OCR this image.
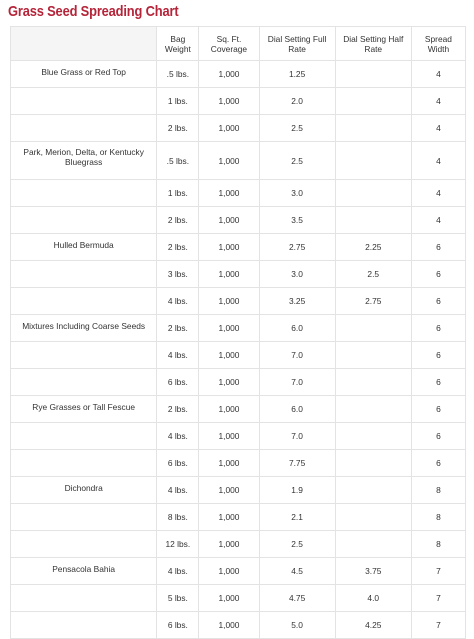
Grass Seed Spreading Chart
	Bag Weight	Sq. Ft. Coverage	Dial Setting Full Rate	Dial Setting Half Rate	Spread Width
Blue Grass or Red Top	.5 lbs.	1,000	1.25		4
	1 lbs.	1,000	2.0		4
	2 lbs.	1,000	2.5		4
Park, Merion, Delta, or Kentucky Bluegrass	.5 lbs.	1,000	2.5		4
	1 lbs.	1,000	3.0		4
	2 lbs.	1,000	3.5		4
Hulled Bermuda	2 lbs.	1,000	2.75	2.25	6
	3 lbs.	1,000	3.0	2.5	6
	4 lbs.	1,000	3.25	2.75	6
Mixtures Including Coarse Seeds	2 lbs.	1,000	6.0		6
	4 lbs.	1,000	7.0		6
	6 lbs.	1,000	7.0		6
Rye Grasses or Tall Fescue	2 lbs.	1,000	6.0		6
	4 lbs.	1,000	7.0		6
	6 lbs.	1,000	7.75		6
Dichondra	4 lbs.	1,000	1.9		8
	8 lbs.	1,000	2.1		8
	12 lbs.	1,000	2.5		8
Pensacola Bahia	4 lbs.	1,000	4.5	3.75	7
	5 lbs.	1,000	4.75	4.0	7
	6 lbs.	1,000	5.0	4.25	7
